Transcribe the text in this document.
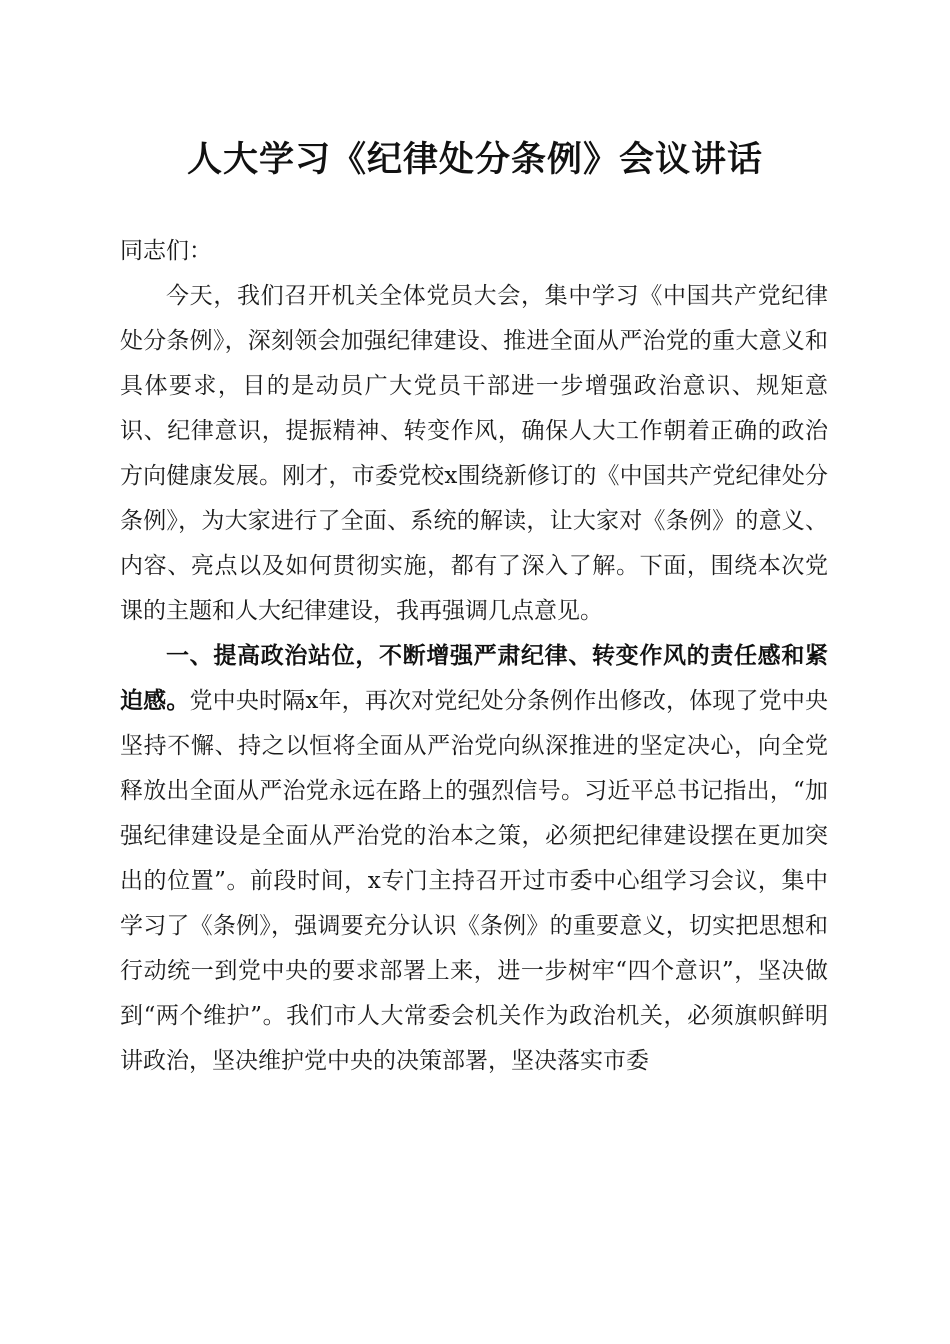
人大学习《纪律处分条例》会议讲话

同志们：

今天，我们召开机关全体党员大会，集中学习《中国共产党纪律处分条例》，深刻领会加强纪律建设、推进全面从严治党的重大意义和具体要求，目的是动员广大党员干部进一步增强政治意识、规矩意识、纪律意识，提振精神、转变作风，确保人大工作朝着正确的政治方向健康发展。刚才，市委党校x围绕新修订的《中国共产党纪律处分条例》，为大家进行了全面、系统的解读，让大家对《条例》的意义、内容、亮点以及如何贯彻实施，都有了深入了解。下面，围绕本次党课的主题和人大纪律建设，我再强调几点意见。

一、提高政治站位，不断增强严肃纪律、转变作风的责任感和紧迫感。党中央时隔x年，再次对党纪处分条例作出修改，体现了党中央坚持不懈、持之以恒将全面从严治党向纵深推进的坚定决心，向全党释放出全面从严治党永远在路上的强烈信号。习近平总书记指出，“加强纪律建设是全面从严治党的治本之策，必须把纪律建设摆在更加突出的位置”。前段时间，x专门主持召开过市委中心组学习会议，集中学习了《条例》，强调要充分认识《条例》的重要意义，切实把思想和行动统一到党中央的要求部署上来，进一步树牢“四个意识”，坚决做到“两个维护”。我们市人大常委会机关作为政治机关，必须旗帜鲜明讲政治，坚决维护党中央的决策部署，坚决落实市委
